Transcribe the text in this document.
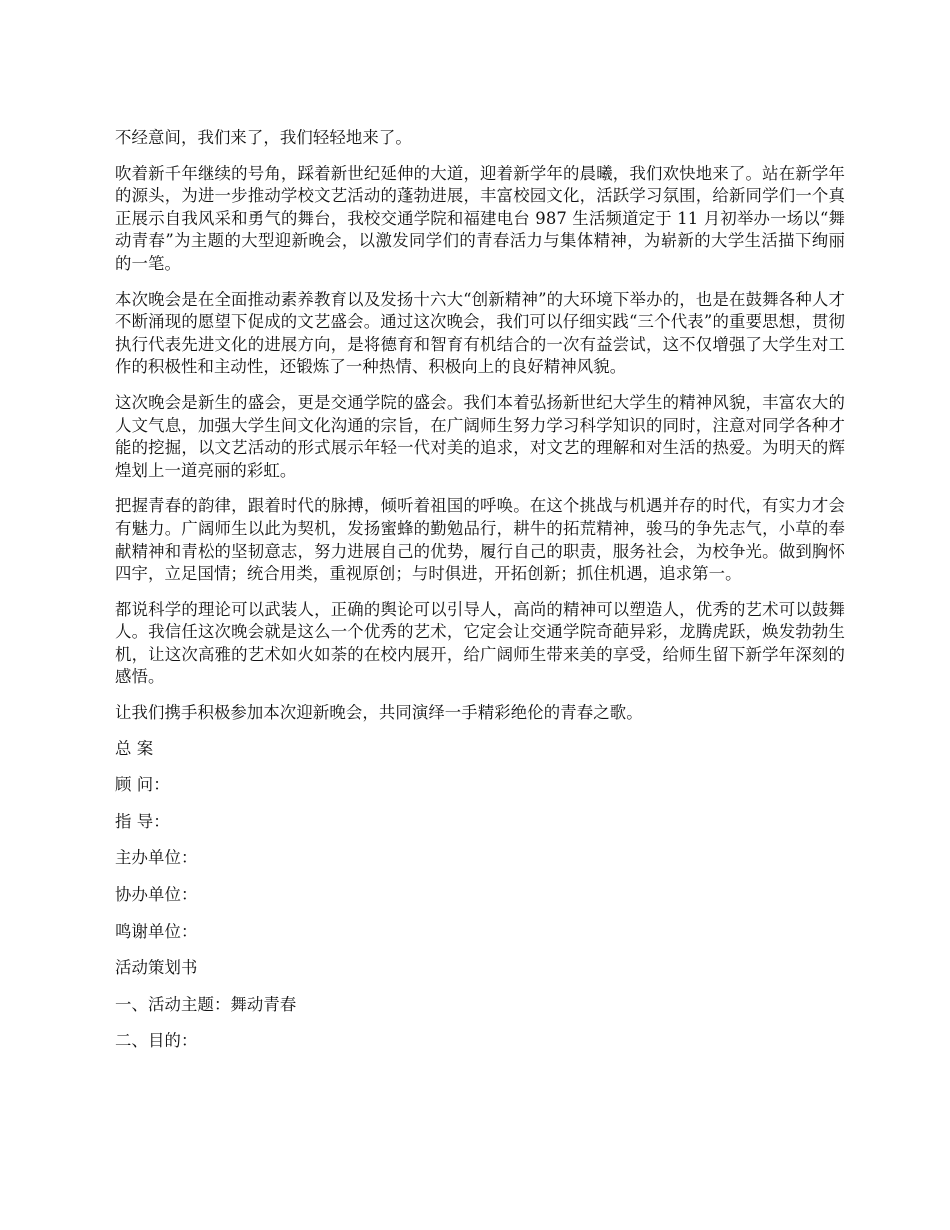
不经意间，我们来了，我们轻轻地来了。

吹着新千年继续的号角，踩着新世纪延伸的大道，迎着新学年的晨曦，我们欢快地来了。站在新学年的源头，为进一步推动学校文艺活动的蓬勃进展，丰富校园文化，活跃学习氛围，给新同学们一个真正展示自我风采和勇气的舞台，我校交通学院和福建电台 987 生活频道定于 11 月初举办一场以“舞动青春”为主题的大型迎新晚会，以激发同学们的青春活力与集体精神，为崭新的大学生活描下绚丽的一笔。

本次晚会是在全面推动素养教育以及发扬十六大“创新精神”的大环境下举办的，也是在鼓舞各种人才不断涌现的愿望下促成的文艺盛会。通过这次晚会，我们可以仔细实践“三个代表”的重要思想，贯彻执行代表先进文化的进展方向，是将德育和智育有机结合的一次有益尝试，这不仅增强了大学生对工作的积极性和主动性，还锻炼了一种热情、积极向上的良好精神风貌。

这次晚会是新生的盛会，更是交通学院的盛会。我们本着弘扬新世纪大学生的精神风貌，丰富农大的人文气息，加强大学生间文化沟通的宗旨，在广阔师生努力学习科学知识的同时，注意对同学各种才能的挖掘，以文艺活动的形式展示年轻一代对美的追求，对文艺的理解和对生活的热爱。为明天的辉煌划上一道亮丽的彩虹。

把握青春的韵律，跟着时代的脉搏，倾听着祖国的呼唤。在这个挑战与机遇并存的时代，有实力才会有魅力。广阔师生以此为契机，发扬蜜蜂的勤勉品行，耕牛的拓荒精神，骏马的争先志气，小草的奉献精神和青松的坚韧意志，努力进展自己的优势，履行自己的职责，服务社会，为校争光。做到胸怀四宇，立足国情；统合用类，重视原创；与时俱进，开拓创新；抓住机遇，追求第一。

都说科学的理论可以武装人，正确的舆论可以引导人，高尚的精神可以塑造人，优秀的艺术可以鼓舞人。我信任这次晚会就是这么一个优秀的艺术，它定会让交通学院奇葩异彩，龙腾虎跃，焕发勃勃生机，让这次高雅的艺术如火如荼的在校内展开，给广阔师生带来美的享受，给师生留下新学年深刻的感悟。

让我们携手积极参加本次迎新晚会，共同演绎一手精彩绝伦的青春之歌。

总 案

顾 问：

指 导：

主办单位：

协办单位：

鸣谢单位：

活动策划书

一、活动主题：舞动青春

二、目的：
